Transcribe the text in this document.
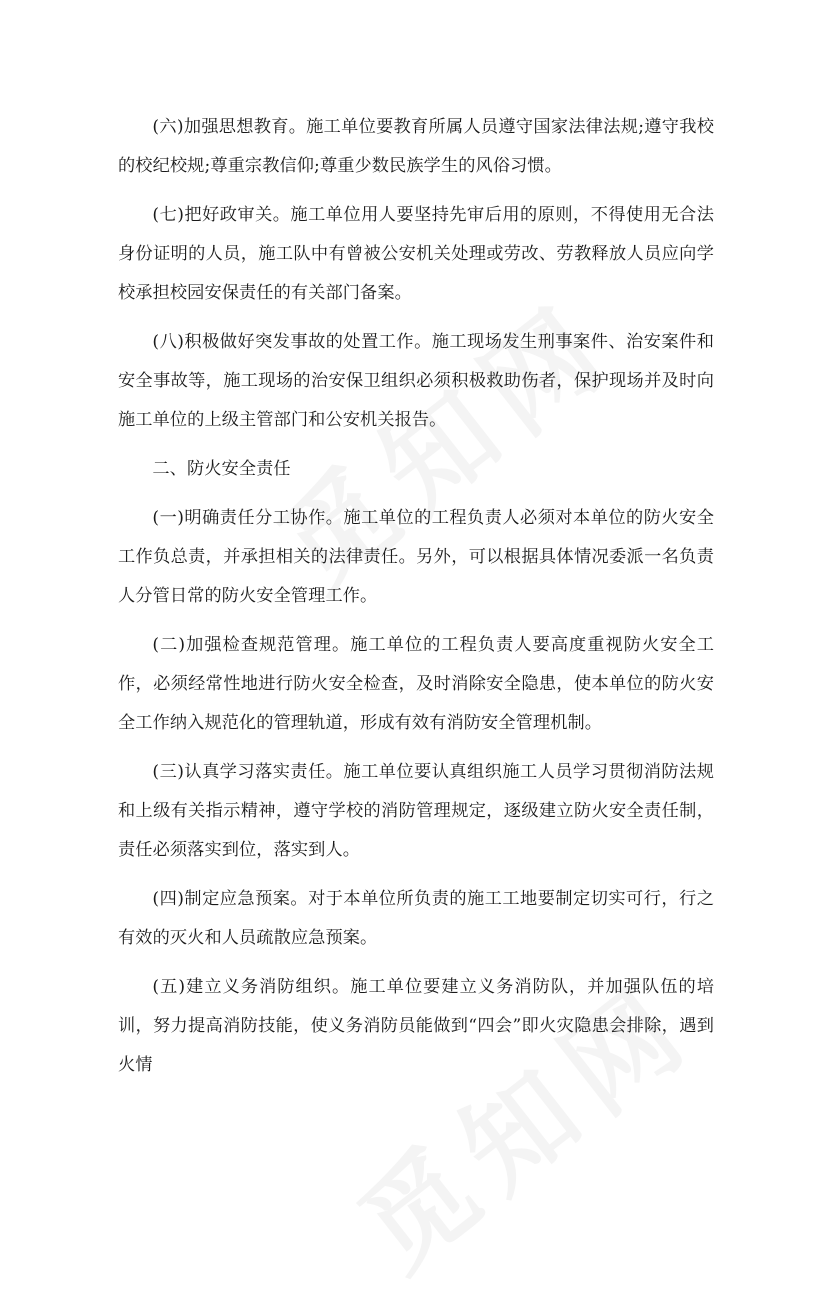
(六)加强思想教育。施工单位要教育所属人员遵守国家法律法规;遵守我校的校纪校规;尊重宗教信仰;尊重少数民族学生的风俗习惯。

(七)把好政审关。施工单位用人要坚持先审后用的原则，不得使用无合法身份证明的人员，施工队中有曾被公安机关处理或劳改、劳教释放人员应向学校承担校园安保责任的有关部门备案。

(八)积极做好突发事故的处置工作。施工现场发生刑事案件、治安案件和安全事故等，施工现场的治安保卫组织必须积极救助伤者，保护现场并及时向施工单位的上级主管部门和公安机关报告。

二、防火安全责任

(一)明确责任分工协作。施工单位的工程负责人必须对本单位的防火安全工作负总责，并承担相关的法律责任。另外，可以根据具体情况委派一名负责人分管日常的防火安全管理工作。

(二)加强检查规范管理。施工单位的工程负责人要高度重视防火安全工作，必须经常性地进行防火安全检查，及时消除安全隐患，使本单位的防火安全工作纳入规范化的管理轨道，形成有效有消防安全管理机制。

(三)认真学习落实责任。施工单位要认真组织施工人员学习贯彻消防法规和上级有关指示精神，遵守学校的消防管理规定，逐级建立防火安全责任制，责任必须落实到位，落实到人。

(四)制定应急预案。对于本单位所负责的施工工地要制定切实可行，行之有效的灭火和人员疏散应急预案。

(五)建立义务消防组织。施工单位要建立义务消防队，并加强队伍的培训，努力提高消防技能，使义务消防员能做到“四会”即火灾隐患会排除，遇到火情
